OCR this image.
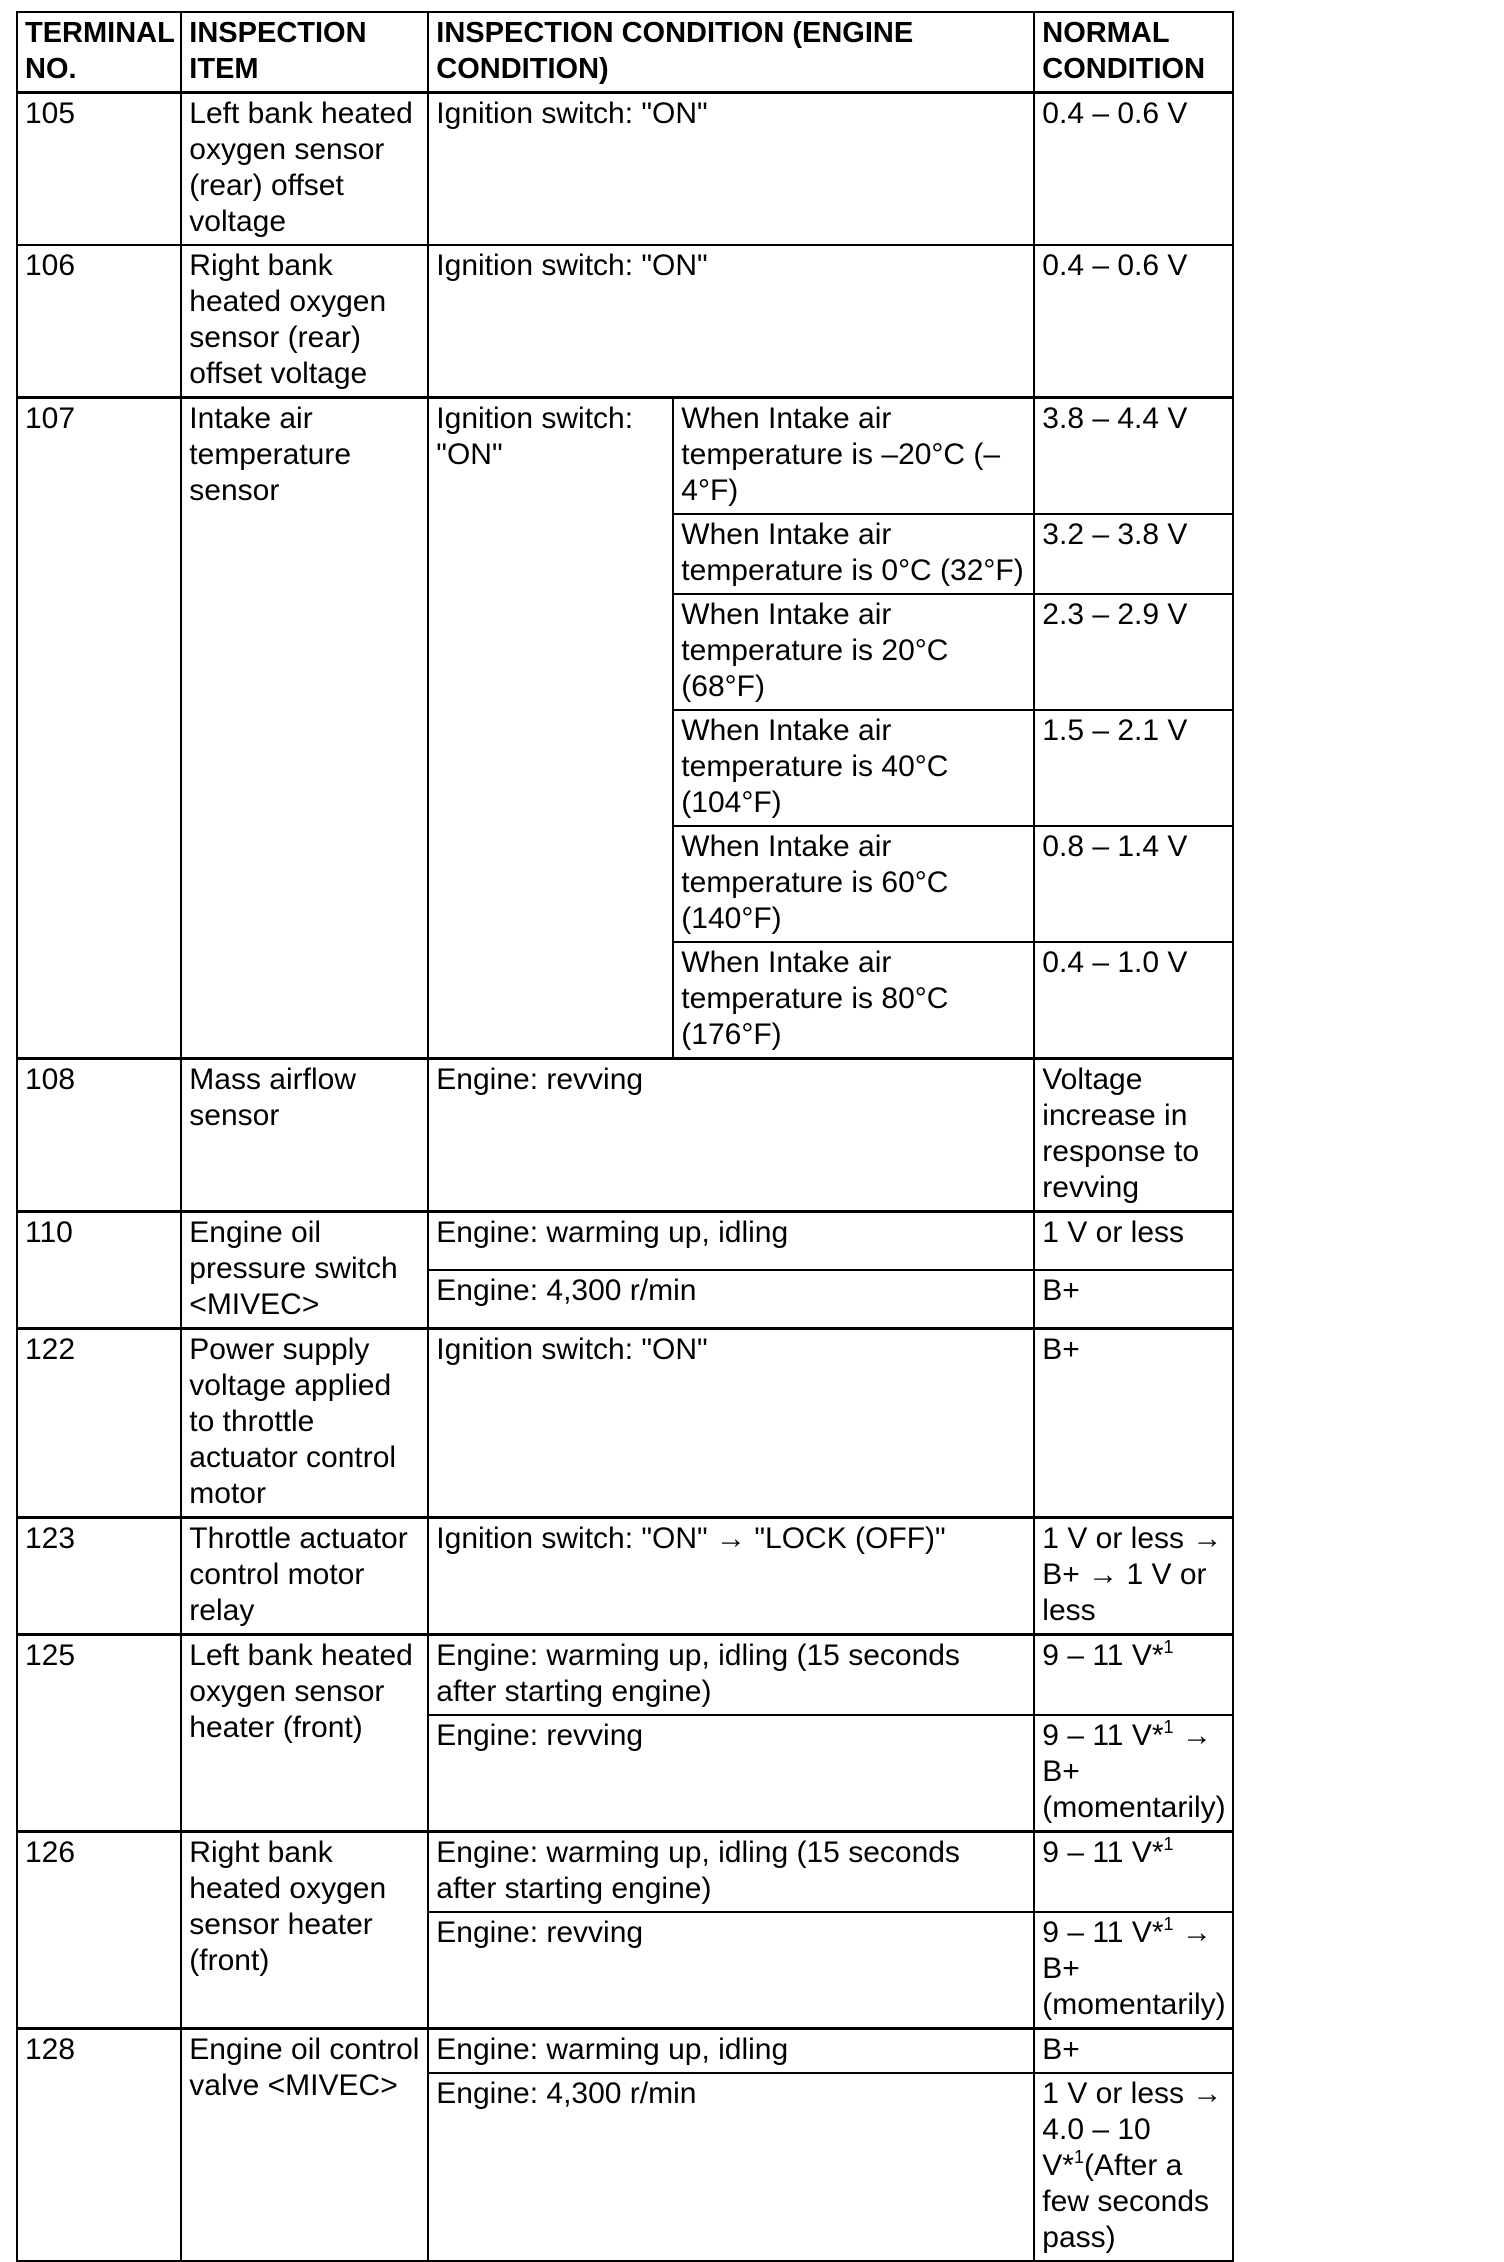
TERMINAL NO.	INSPECTION ITEM	INSPECTION CONDITION (ENGINE CONDITION)		NORMAL CONDITION
105	Left bank heated oxygen sensor (rear) offset voltage	Ignition switch: "ON"		0.4 – 0.6 V
106	Right bank heated oxygen sensor (rear) offset voltage	Ignition switch: "ON"		0.4 – 0.6 V
107	Intake air temperature sensor	Ignition switch: "ON"	When Intake air temperature is –20°C (–4°F)	3.8 – 4.4 V
			When Intake air temperature is 0°C (32°F)	3.2 – 3.8 V
			When Intake air temperature is 20°C (68°F)	2.3 – 2.9 V
			When Intake air temperature is 40°C (104°F)	1.5 – 2.1 V
			When Intake air temperature is 60°C (140°F)	0.8 – 1.4 V
			When Intake air temperature is 80°C (176°F)	0.4 – 1.0 V
108	Mass airflow sensor	Engine: revving		Voltage increase in response to revving
110	Engine oil pressure switch <MIVEC>	Engine: warming up, idling		1 V or less
		Engine: 4,300 r/min		B+
122	Power supply voltage applied to throttle actuator control motor	Ignition switch: "ON"		B+
123	Throttle actuator control motor relay	Ignition switch: "ON" → "LOCK (OFF)"		1 V or less → B+ → 1 V or less
125	Left bank heated oxygen sensor heater (front)	Engine: warming up, idling (15 seconds after starting engine)		9 – 11 V*$^1$
		Engine: revving		9 – 11 V*$^1$ → B+ (momentarily)
126	Right bank heated oxygen sensor heater (front)	Engine: warming up, idling (15 seconds after starting engine)		9 – 11 V*$^1$
		Engine: revving		9 – 11 V*$^1$ → B+ (momentarily)
128	Engine oil control valve <MIVEC>	Engine: warming up, idling		B+
		Engine: 4,300 r/min		1 V or less → 4.0 – 10 V*$^1$(After a few seconds pass)
